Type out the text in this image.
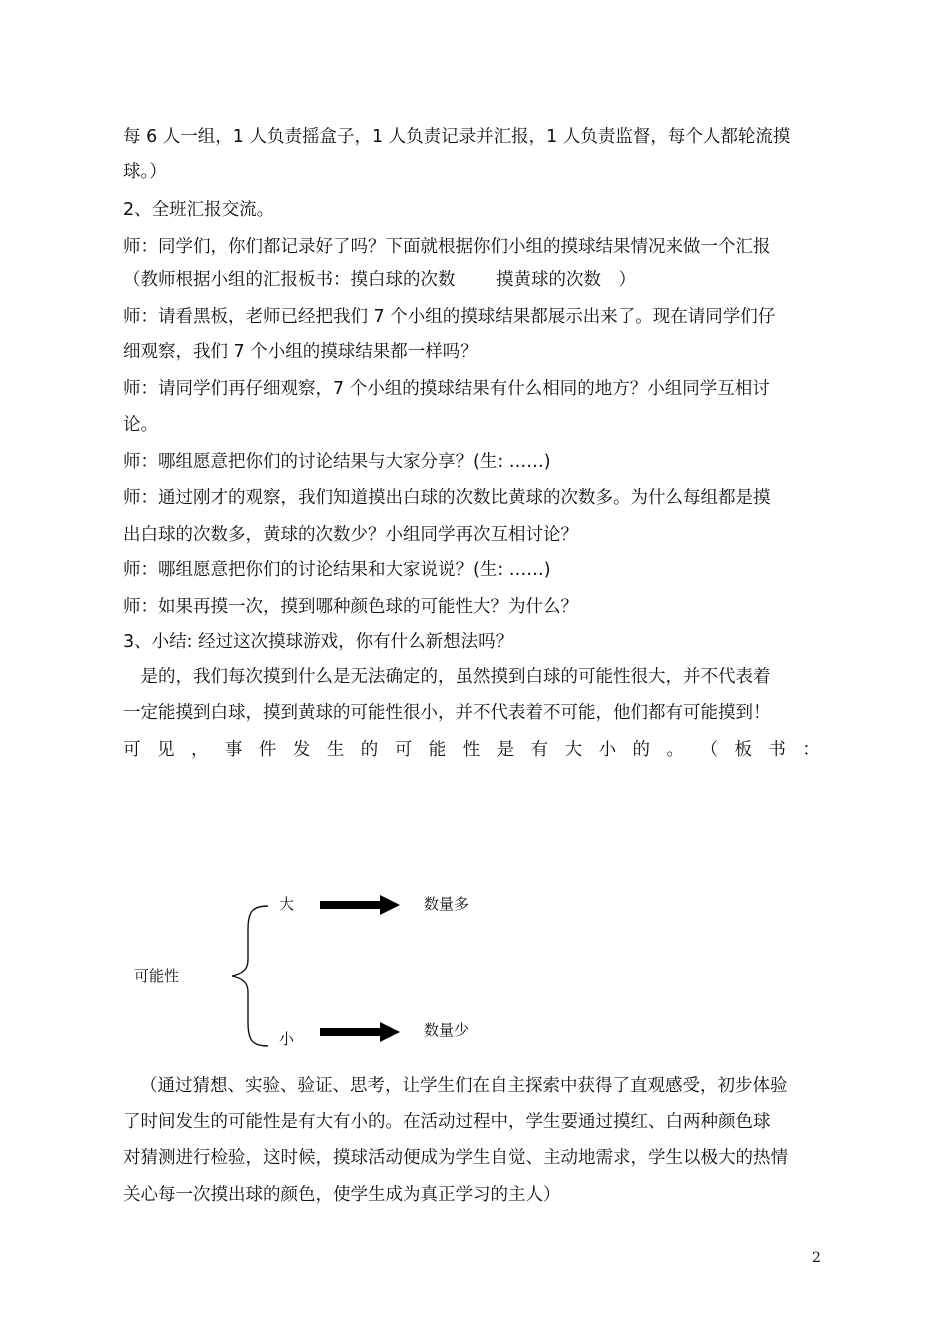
每 6 人一组，1 人负责摇盒子，1 人负责记录并汇报，1 人负责监督，每个人都轮流摸
球。）
2、全班汇报交流。
师：同学们，你们都记录好了吗？下面就根据你们小组的摸球结果情况来做一个汇报
（教师根据小组的汇报板书：摸白球的次数　　 摸黄球的次数　）
师：请看黑板，老师已经把我们 7 个小组的摸球结果都展示出来了。现在请同学们仔
细观察，我们 7 个小组的摸球结果都一样吗？
师：请同学们再仔细观察，7 个小组的摸球结果有什么相同的地方？小组同学互相讨
论。
师：哪组愿意把你们的讨论结果与大家分享？(生: ……)
师：通过刚才的观察，我们知道摸出白球的次数比黄球的次数多。为什么每组都是摸
出白球的次数多，黄球的次数少？小组同学再次互相讨论？
师：哪组愿意把你们的讨论结果和大家说说？(生: ……)
师：如果再摸一次，摸到哪种颜色球的可能性大？为什么？
3、小结: 经过这次摸球游戏，你有什么新想法吗？
　是的，我们每次摸到什么是无法确定的，虽然摸到白球的可能性很大，并不代表着
一定能摸到白球，摸到黄球的可能性很小，并不代表着不可能，他们都有可能摸到！
可 见 ， 事 件 发 生 的 可 能 性 是 有 大 小 的 。 （ 板 书 ：
可能性
大	数量多
小	数量少
（通过猜想、实验、验证、思考，让学生们在自主探索中获得了直观感受，初步体验
了时间发生的可能性是有大有小的。在活动过程中，学生要通过摸红、白两种颜色球
对猜测进行检验，这时候，摸球活动便成为学生自觉、主动地需求，学生以极大的热情
关心每一次摸出球的颜色，使学生成为真正学习的主人）
2
